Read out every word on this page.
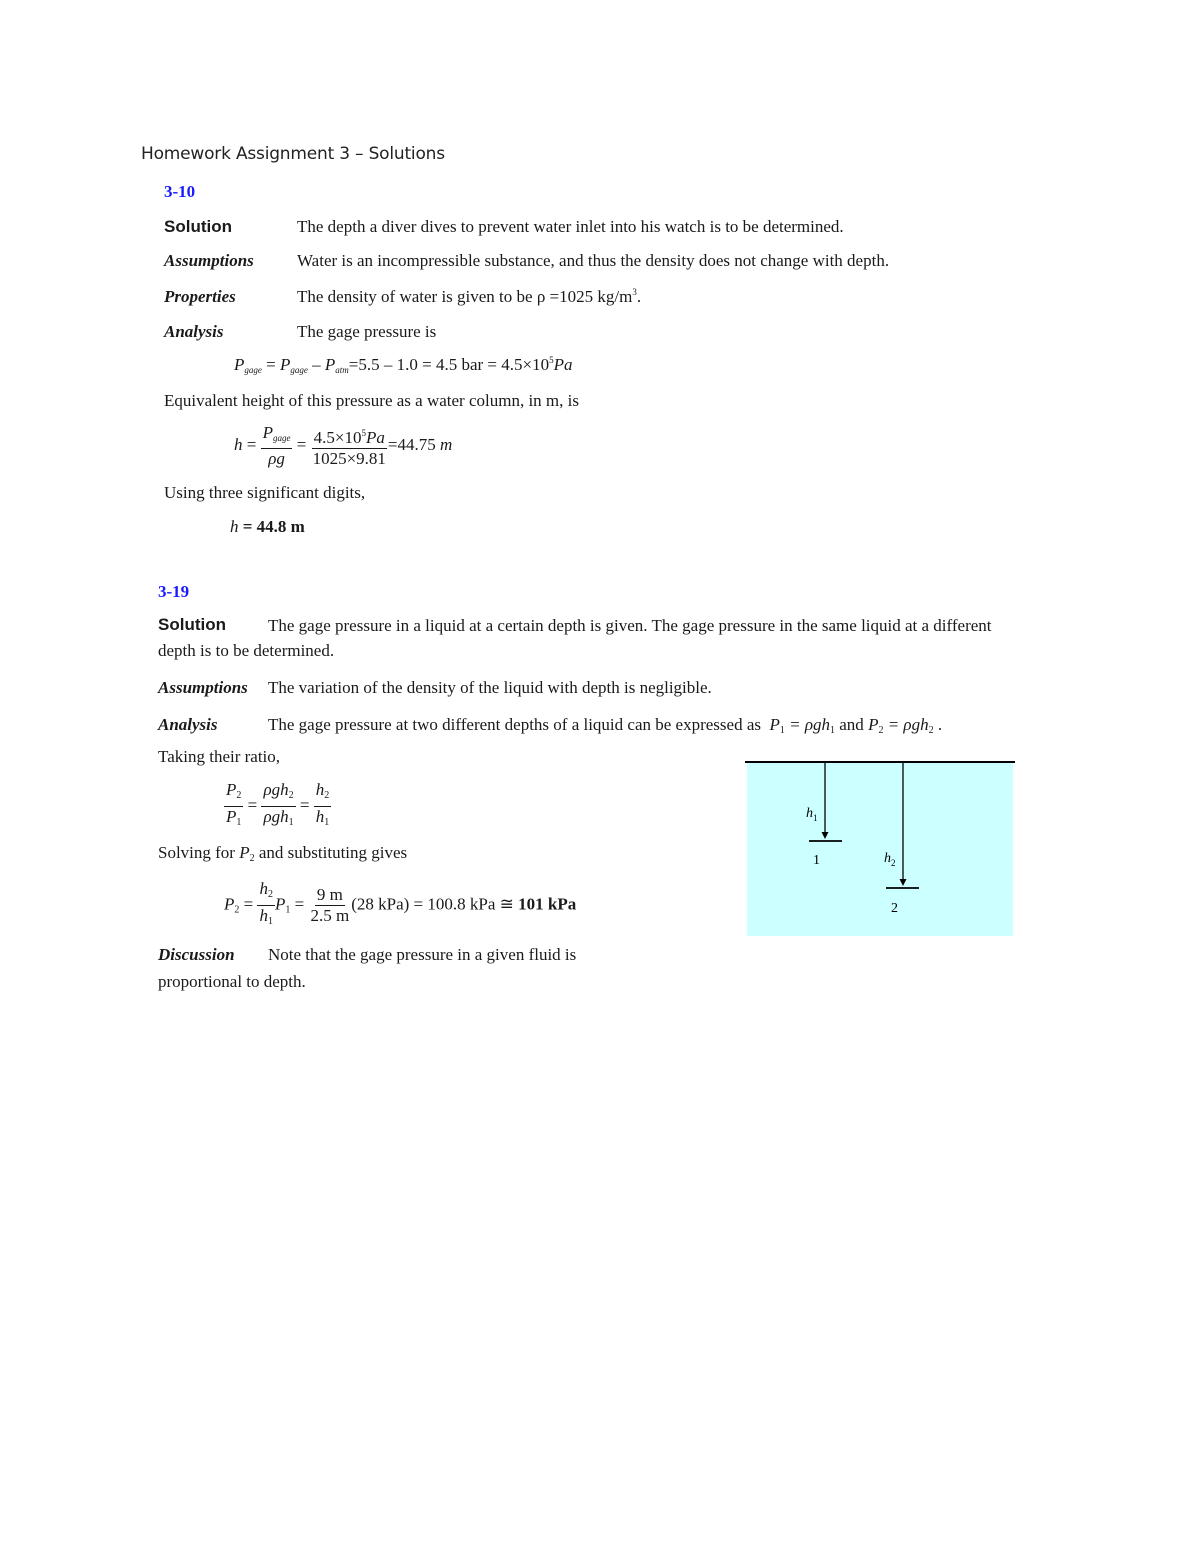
Homework Assignment 3 – Solutions
3-10
Solution	The depth a diver dives to prevent water inlet into his watch is to be determined.
Assumptions	Water is an incompressible substance, and thus the density does not change with depth.
Properties	The density of water is given to be ρ =1025 $kg/m^3$.
Analysis	The gage pressure is
$P_{gage} = P_{gage} - P_{atm}=5.5 - 1.0 = 4.5$ bar = $4.5\times 10^5Pa$
Equivalent height of this pressure as a water column, in m, is
$h = \frac{P_{gage}}{\rho g} = \frac{4.5\times 10^5Pa}{1025\times 9.81} =44.75$ m
Using three significant digits,
h = 44.8 m
3-19
Solution The gage pressure in a liquid at a certain depth is given. The gage pressure in the same liquid at a different
depth is to be determined.
Assumptions The variation of the density of the liquid with depth is negligible.
Analysis	The gage pressure at two different depths of a liquid can be expressed as P1 = ρgh1 and P2 = ρgh2 .
Taking their ratio,
$\frac{P2}{P1} = \frac{\text{ρgh2}}{\text{ρgh1}} = \frac{h2}{h1}$
Solving for P2 and substituting gives
$P2 = \frac{h2}{h1} P1 = \frac{9 m}{2.5 m} (28$ kPa) = 100.8 kPa ≅ 101 kPa
Discussion Note that the gage pressure in a given fluid is
proportional to depth.
$h_1$
1	$h_2$
2
